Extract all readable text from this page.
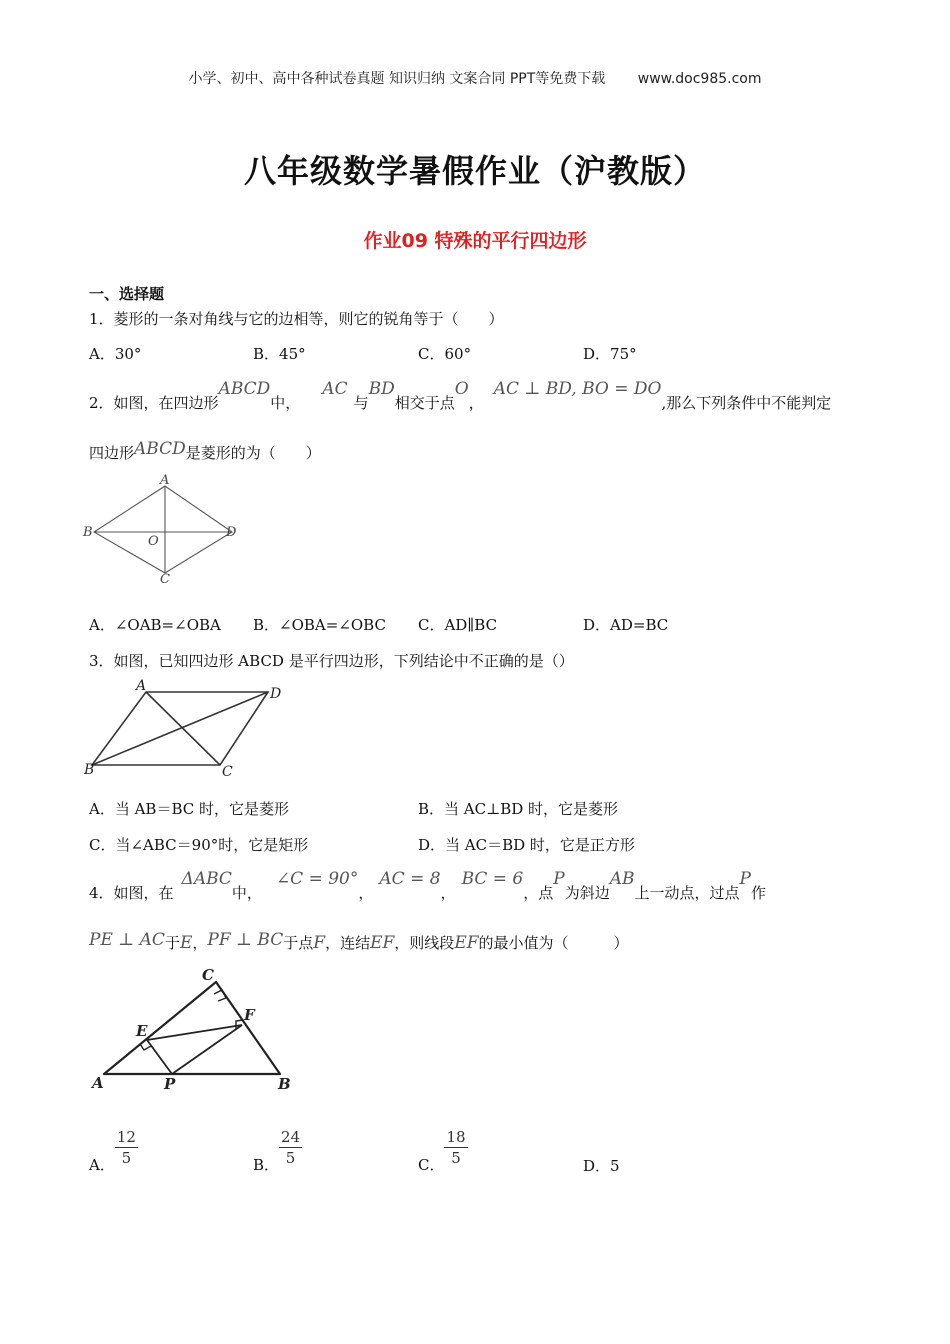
小学、初中、高中各种试卷真题 知识归纳 文案合同 PPT等免费下载 www.doc985.com
八年级数学暑假作业（沪教版）
作业09 特殊的平行四边形
一、选择题
1．菱形的一条对角线与它的边相等，则它的锐角等于（　　）
A．30°	B．45°	C．60°	D．75°
2．如图，在四边形ABCD中，AC与BD相交于点O，AC ⊥ BD, BO = DO,那么下列条件中不能判定
四边形ABCD是菱形的为（　　）
A
B	D
C
O
A．∠OAB=∠OBA B．∠OBA=∠OBC C．AD∥BC	D．AD=BC
3．如图，已知四边形 ABCD 是平行四边形，下列结论中不正确的是（）
A	D
B	C
A．当 AB＝BC 时，它是菱形	B．当 AC⊥BD 时，它是菱形
C．当∠ABC＝90°时，它是矩形	D．当 AC＝BD 时，它是正方形
4．如图，在ΔABC中，∠C = 90°，AC = 8，BC = 6，点P为斜边AB上一动点，过点P作
PE ⊥ AC于E，PF ⊥ BC于点F，连结EF，则线段EF的最小值为（　　　）
C
E
F
A	P	B
A． $\frac{12}{5}$	B． $\frac{24}{5}$	C． $\frac{18}{5}$	D．5
